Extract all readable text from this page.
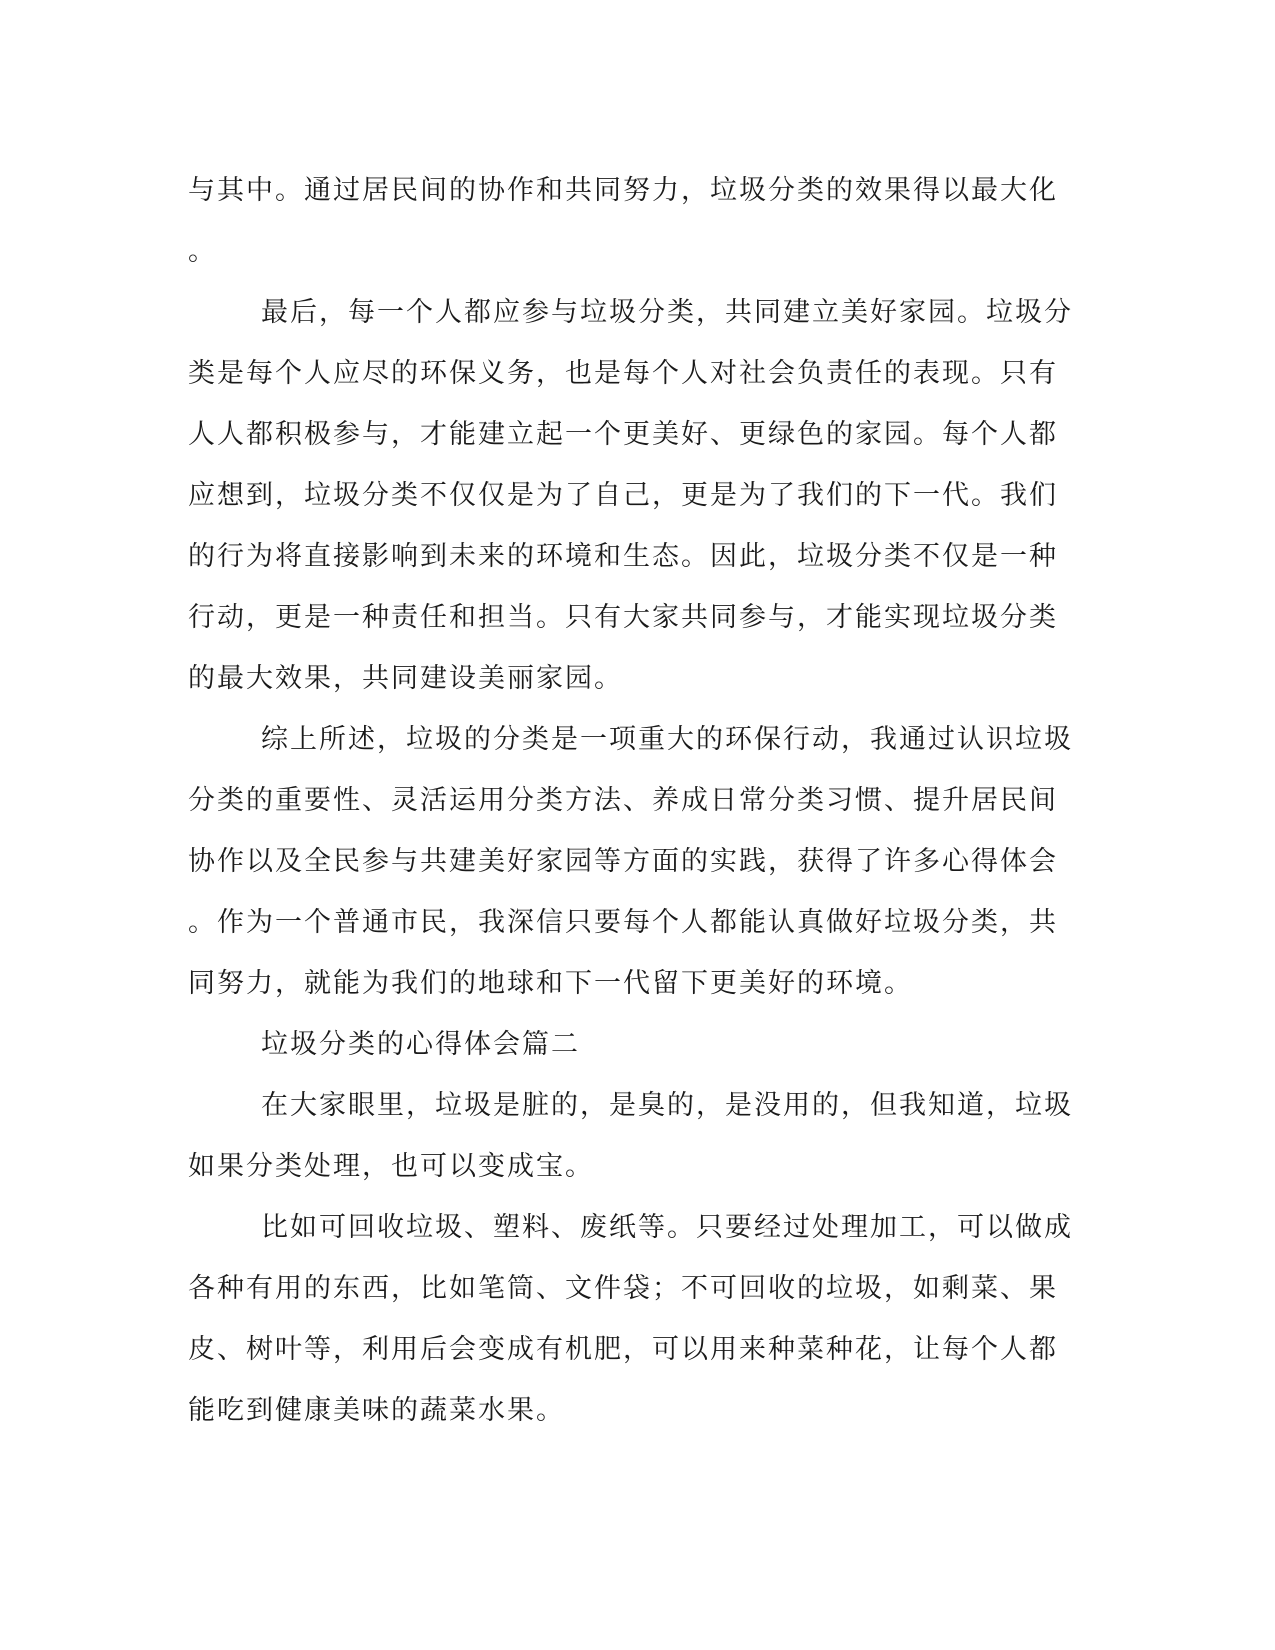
与其中。通过居民间的协作和共同努力，垃圾分类的效果得以最大化
。
最后，每一个人都应参与垃圾分类，共同建立美好家园。垃圾分
类是每个人应尽的环保义务，也是每个人对社会负责任的表现。只有
人人都积极参与，才能建立起一个更美好、更绿色的家园。每个人都
应想到，垃圾分类不仅仅是为了自己，更是为了我们的下一代。我们
的行为将直接影响到未来的环境和生态。因此，垃圾分类不仅是一种
行动，更是一种责任和担当。只有大家共同参与，才能实现垃圾分类
的最大效果，共同建设美丽家园。
综上所述，垃圾的分类是一项重大的环保行动，我通过认识垃圾
分类的重要性、灵活运用分类方法、养成日常分类习惯、提升居民间
协作以及全民参与共建美好家园等方面的实践，获得了许多心得体会
。作为一个普通市民，我深信只要每个人都能认真做好垃圾分类，共
同努力，就能为我们的地球和下一代留下更美好的环境。
垃圾分类的心得体会篇二
在大家眼里，垃圾是脏的，是臭的，是没用的，但我知道，垃圾
如果分类处理，也可以变成宝。
比如可回收垃圾、塑料、废纸等。只要经过处理加工，可以做成
各种有用的东西，比如笔筒、文件袋；不可回收的垃圾，如剩菜、果
皮、树叶等，利用后会变成有机肥，可以用来种菜种花，让每个人都
能吃到健康美味的蔬菜水果。
